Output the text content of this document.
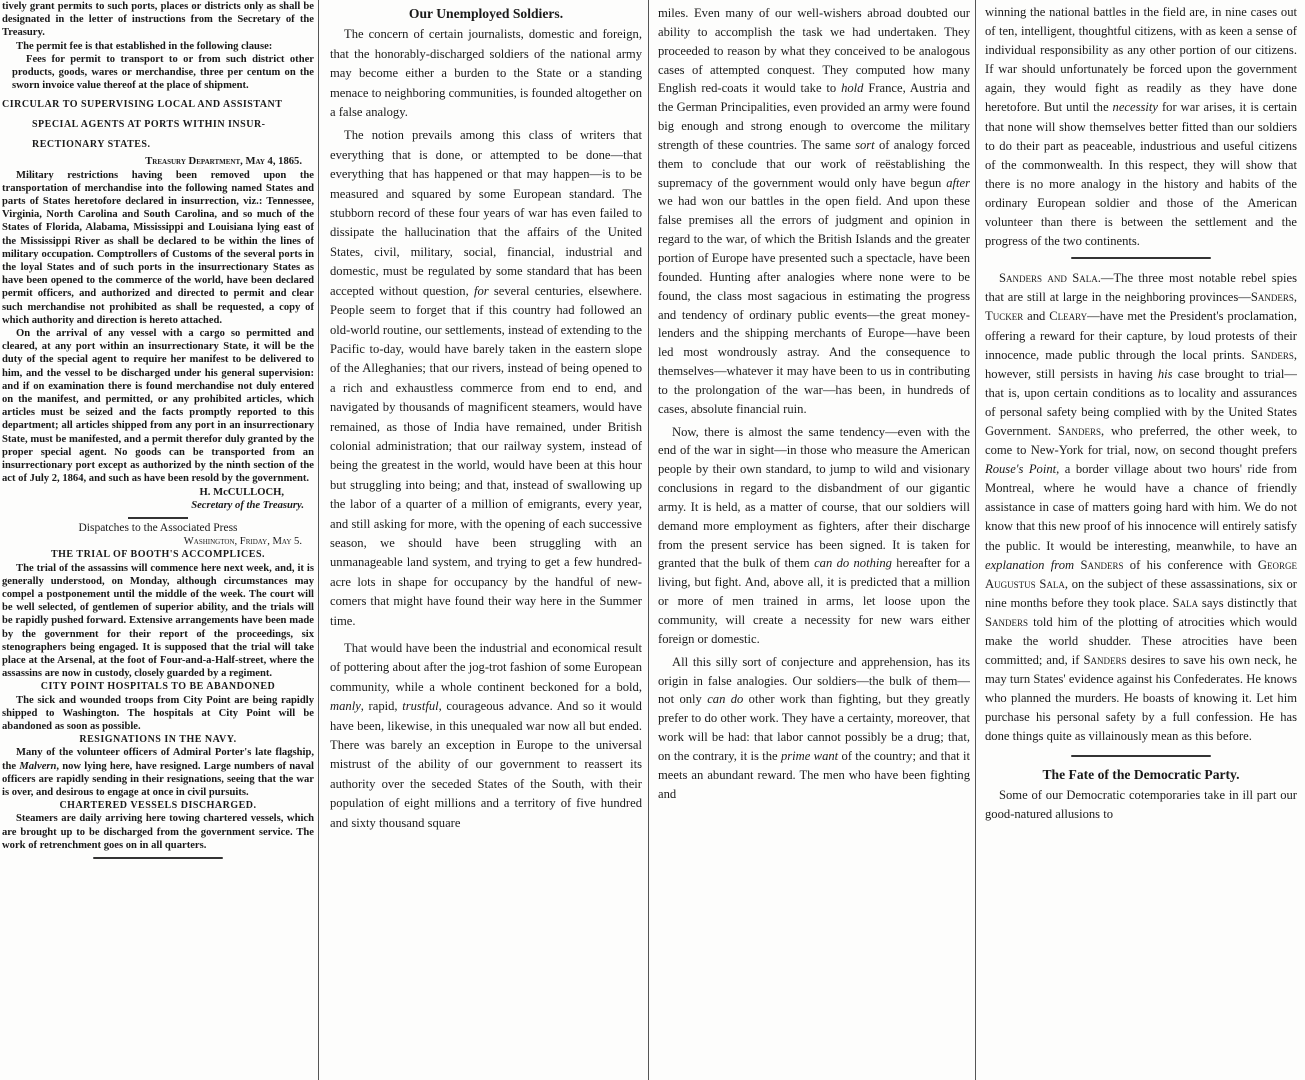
tively grant permits to such ports, places or districts only as shall be designated in the letter of instructions from the Secretary of the Treasury.

The permit fee is that established in the following clause:

Fees for permit to transport to or from such district other products, goods, wares or merchandise, three per centum on the sworn invoice value thereof at the place of shipment.

CIRCULAR TO SUPERVISING LOCAL AND ASSISTANT

SPECIAL AGENTS AT PORTS WITHIN INSUR-

RECTIONARY STATES.

Treasury Department, May 4, 1865.

Military restrictions having been removed upon the transportation of merchandise into the following named States and parts of States heretofore declared in insurrection, viz.: Tennessee, Virginia, North Carolina and South Carolina, and so much of the States of Florida, Alabama, Mississippi and Louisiana lying east of the Mississippi River as shall be declared to be within the lines of military occupation. Comptrollers of Customs of the several ports in the loyal States and of such ports in the insurrectionary States as have been opened to the commerce of the world, have been declared permit officers, and authorized and directed to permit and clear such merchandise not prohibited as shall be requested, a copy of which authority and direction is hereto attached.

On the arrival of any vessel with a cargo so permitted and cleared, at any port within an insurrectionary State, it will be the duty of the special agent to require her manifest to be delivered to him, and the vessel to be discharged under his general supervision: and if on examination there is found merchandise not duly entered on the manifest, and permitted, or any prohibited articles, which articles must be seized and the facts promptly reported to this department; all articles shipped from any port in an insurrectionary State, must be manifested, and a permit therefor duly granted by the proper special agent. No goods can be transported from an insurrectionary port except as authorized by the ninth section of the act of July 2, 1864, and such as have been resold by the government.

H. McCULLOCH,

Secretary of the Treasury.

Dispatches to the Associated Press

Washington, Friday, May 5.

THE TRIAL OF BOOTH'S ACCOMPLICES.

The trial of the assassins will commence here next week, and, it is generally understood, on Monday, although circumstances may compel a postponement until the middle of the week. The court will be well selected, of gentlemen of superior ability, and the trials will be rapidly pushed forward. Extensive arrangements have been made by the government for their report of the proceedings, six stenographers being engaged. It is supposed that the trial will take place at the Arsenal, at the foot of Four-and-a-Half-street, where the assassins are now in custody, closely guarded by a regiment.

CITY POINT HOSPITALS TO BE ABANDONED

The sick and wounded troops from City Point are being rapidly shipped to Washington. The hospitals at City Point will be abandoned as soon as possible.

RESIGNATIONS IN THE NAVY.

Many of the volunteer officers of Admiral Porter's late flagship, the Malvern, now lying here, have resigned. Large numbers of naval officers are rapidly sending in their resignations, seeing that the war is over, and desirous to engage at once in civil pursuits.

CHARTERED VESSELS DISCHARGED.

Steamers are daily arriving here towing chartered vessels, which are brought up to be discharged from the government service. The work of retrenchment goes on in all quarters.

Our Unemployed Soldiers.

The concern of certain journalists, domestic and foreign, that the honorably-discharged soldiers of the national army may become either a burden to the State or a standing menace to neighboring communities, is founded altogether on a false analogy.

The notion prevails among this class of writers that everything that is done, or attempted to be done—that everything that has happened or that may happen—is to be measured and squared by some European standard. The stubborn record of these four years of war has even failed to dissipate the hallucination that the affairs of the United States, civil, military, social, financial, industrial and domestic, must be regulated by some standard that has been accepted without question, for several centuries, elsewhere. People seem to forget that if this country had followed an old-world routine, our settlements, instead of extending to the Pacific to-day, would have barely taken in the eastern slope of the Alleghanies; that our rivers, instead of being opened to a rich and exhaustless commerce from end to end, and navigated by thousands of magnificent steamers, would have remained, as those of India have remained, under British colonial administration; that our railway system, instead of being the greatest in the world, would have been at this hour but struggling into being; and that, instead of swallowing up the labor of a quarter of a million of emigrants, every year, and still asking for more, with the opening of each successive season, we should have been struggling with an unmanageable land system, and trying to get a few hundred-acre lots in shape for occupancy by the handful of new-comers that might have found their way here in the Summer time.

That would have been the industrial and economical result of pottering about after the jog-trot fashion of some European community, while a whole continent beckoned for a bold, manly, rapid, trustful, courageous advance. And so it would have been, likewise, in this unequaled war now all but ended. There was barely an exception in Europe to the universal mistrust of the ability of our government to reassert its authority over the seceded States of the South, with their population of eight millions and a territory of five hundred and sixty thousand square

miles. Even many of our well-wishers abroad doubted our ability to accomplish the task we had undertaken. They proceeded to reason by what they conceived to be analogous cases of attempted conquest. They computed how many English red-coats it would take to hold France, Austria and the German Principalities, even provided an army were found big enough and strong enough to overcome the military strength of these countries. The same sort of analogy forced them to conclude that our work of reëstablishing the supremacy of the government would only have begun after we had won our battles in the open field. And upon these false premises all the errors of judgment and opinion in regard to the war, of which the British Islands and the greater portion of Europe have presented such a spectacle, have been founded. Hunting after analogies where none were to be found, the class most sagacious in estimating the progress and tendency of ordinary public events—the great money-lenders and the shipping merchants of Europe—have been led most wondrously astray. And the consequence to themselves—whatever it may have been to us in contributing to the prolongation of the war—has been, in hundreds of cases, absolute financial ruin.

Now, there is almost the same tendency—even with the end of the war in sight—in those who measure the American people by their own standard, to jump to wild and visionary conclusions in regard to the disbandment of our gigantic army. It is held, as a matter of course, that our soldiers will demand more employment as fighters, after their discharge from the present service has been signed. It is taken for granted that the bulk of them can do nothing hereafter for a living, but fight. And, above all, it is predicted that a million or more of men trained in arms, let loose upon the community, will create a necessity for new wars either foreign or domestic.

All this silly sort of conjecture and apprehension, has its origin in false analogies. Our soldiers—the bulk of them—not only can do other work than fighting, but they greatly prefer to do other work. They have a certainty, moreover, that work will be had: that labor cannot possibly be a drug; that, on the contrary, it is the prime want of the country; and that it meets an abundant reward. The men who have been fighting and

winning the national battles in the field are, in nine cases out of ten, intelligent, thoughtful citizens, with as keen a sense of individual responsibility as any other portion of our citizens. If war should unfortunately be forced upon the government again, they would fight as readily as they have done heretofore. But until the necessity for war arises, it is certain that none will show themselves better fitted than our soldiers to do their part as peaceable, industrious and useful citizens of the commonwealth. In this respect, they will show that there is no more analogy in the history and habits of the ordinary European soldier and those of the American volunteer than there is between the settlement and the progress of the two continents.

Sanders and Sala.—The three most notable rebel spies that are still at large in the neighboring provinces—Sanders, Tucker and Cleary—have met the President's proclamation, offering a reward for their capture, by loud protests of their innocence, made public through the local prints. Sanders, however, still persists in having his case brought to trial—that is, upon certain conditions as to locality and assurances of personal safety being complied with by the United States Government. Sanders, who preferred, the other week, to come to New-York for trial, now, on second thought prefers Rouse's Point, a border village about two hours' ride from Montreal, where he would have a chance of friendly assistance in case of matters going hard with him. We do not know that this new proof of his innocence will entirely satisfy the public. It would be interesting, meanwhile, to have an explanation from Sanders of his conference with George Augustus Sala, on the subject of these assassinations, six or nine months before they took place. Sala says distinctly that Sanders told him of the plotting of atrocities which would make the world shudder. These atrocities have been committed; and, if Sanders desires to save his own neck, he may turn States' evidence against his Confederates. He knows who planned the murders. He boasts of knowing it. Let him purchase his personal safety by a full confession. He has done things quite as villainously mean as this before.

The Fate of the Democratic Party.

Some of our Democratic cotemporaries take in ill part our good-natured allusions to
